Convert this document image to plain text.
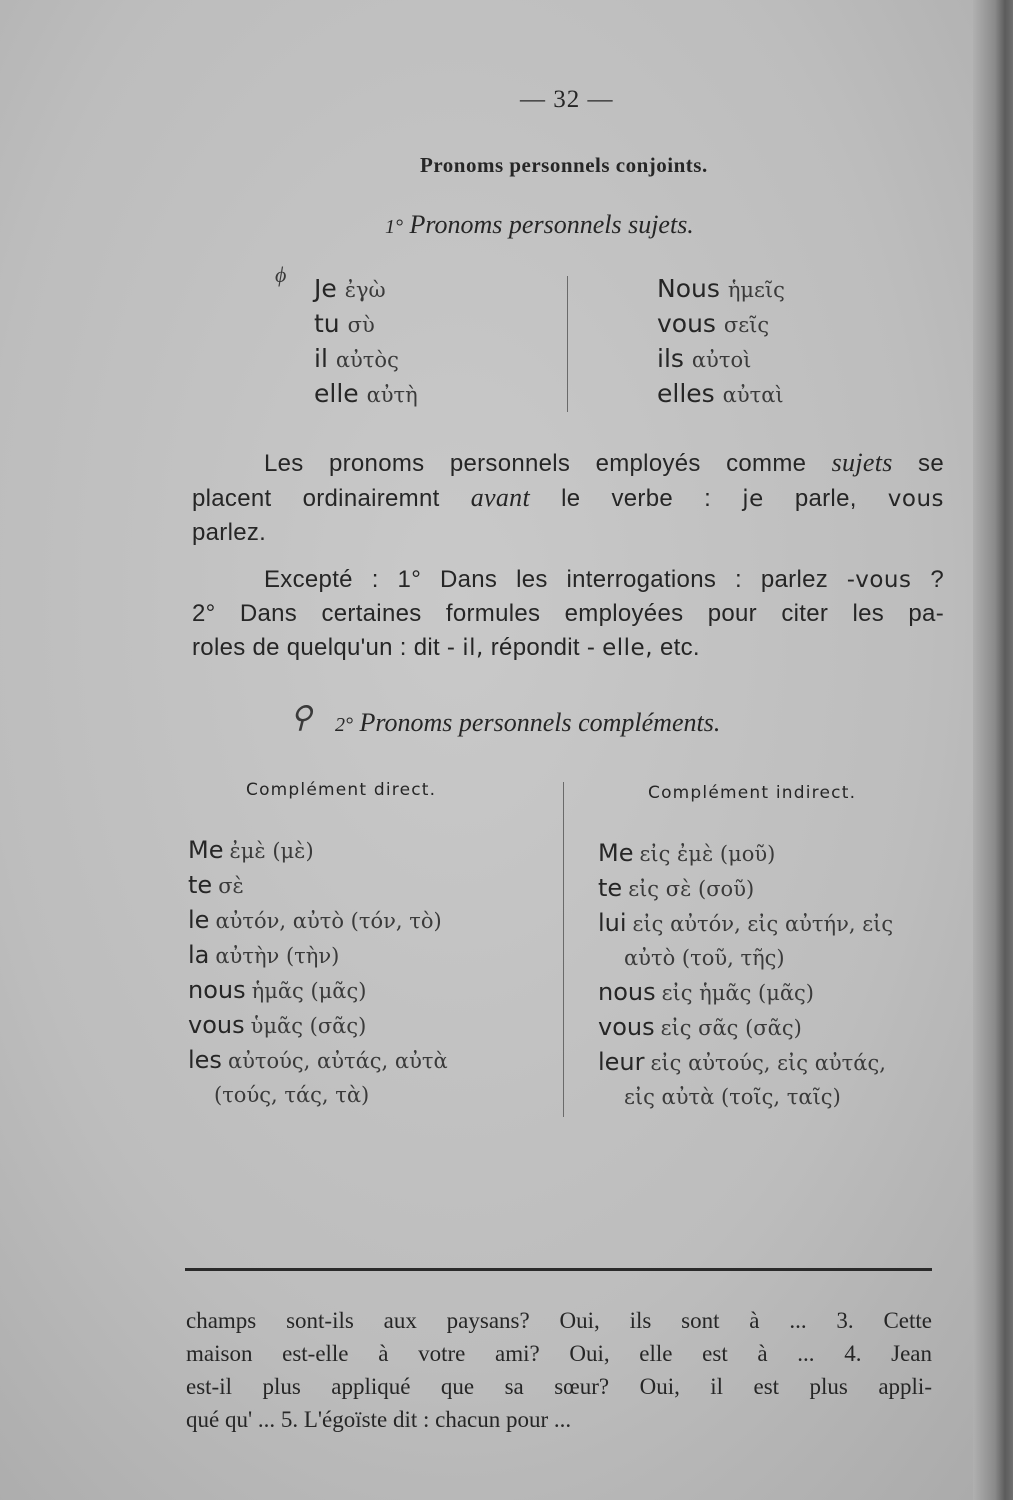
— 32 —
Pronoms personnels conjoints.
1° Pronoms personnels sujets.
ϕ Je ἐγὼ
tu σὺ
il αὐτὸς
elle αὐτὴ
Nous ἡμεῖς
vous σεῖς
ils αὐτοὶ
elles αὐταὶ
Les pronoms personnels employés comme sujets se
placent ordinairemnt avant le verbe : je parle, vous
parlez.
Excepté : 1° Dans les interrogations : parlez -vous ?
2° Dans certaines formules employées pour citer les pa-
roles de quelqu'un : dit - il, répondit - elle, etc.
⚲ 2° Pronoms personnels compléments.
Complément direct.	Complément indirect.
Me ἐμὲ (μὲ)
te σὲ
le αὐτόν, αὐτὸ (τόν, τὸ)
la αὐτὴν (τὴν)
nous ἡμᾶς (μᾶς)
vous ὑμᾶς (σᾶς)
les αὐτούς, αὐτάς, αὐτὰ
(τούς, τάς, τὰ)
Me εἰς ἐμὲ (μοῦ)
te εἰς σὲ (σοῦ)
lui εἰς αὐτόν, εἰς αὐτήν, εἰς
αὐτὸ (τοῦ, τῆς)
nous εἰς ἡμᾶς (μᾶς)
vous εἰς σᾶς (σᾶς)
leur εἰς αὐτούς, εἰς αὐτάς,
εἰς αὐτὰ (τοῖς, ταῖς)
champs sont-ils aux paysans? Oui, ils sont à ... 3. Cette
maison est-elle à votre ami? Oui, elle est à ... 4. Jean
est-il plus appliqué que sa sœur? Oui, il est plus appli-
qué qu' ... 5. L'égoïste dit : chacun pour ...
